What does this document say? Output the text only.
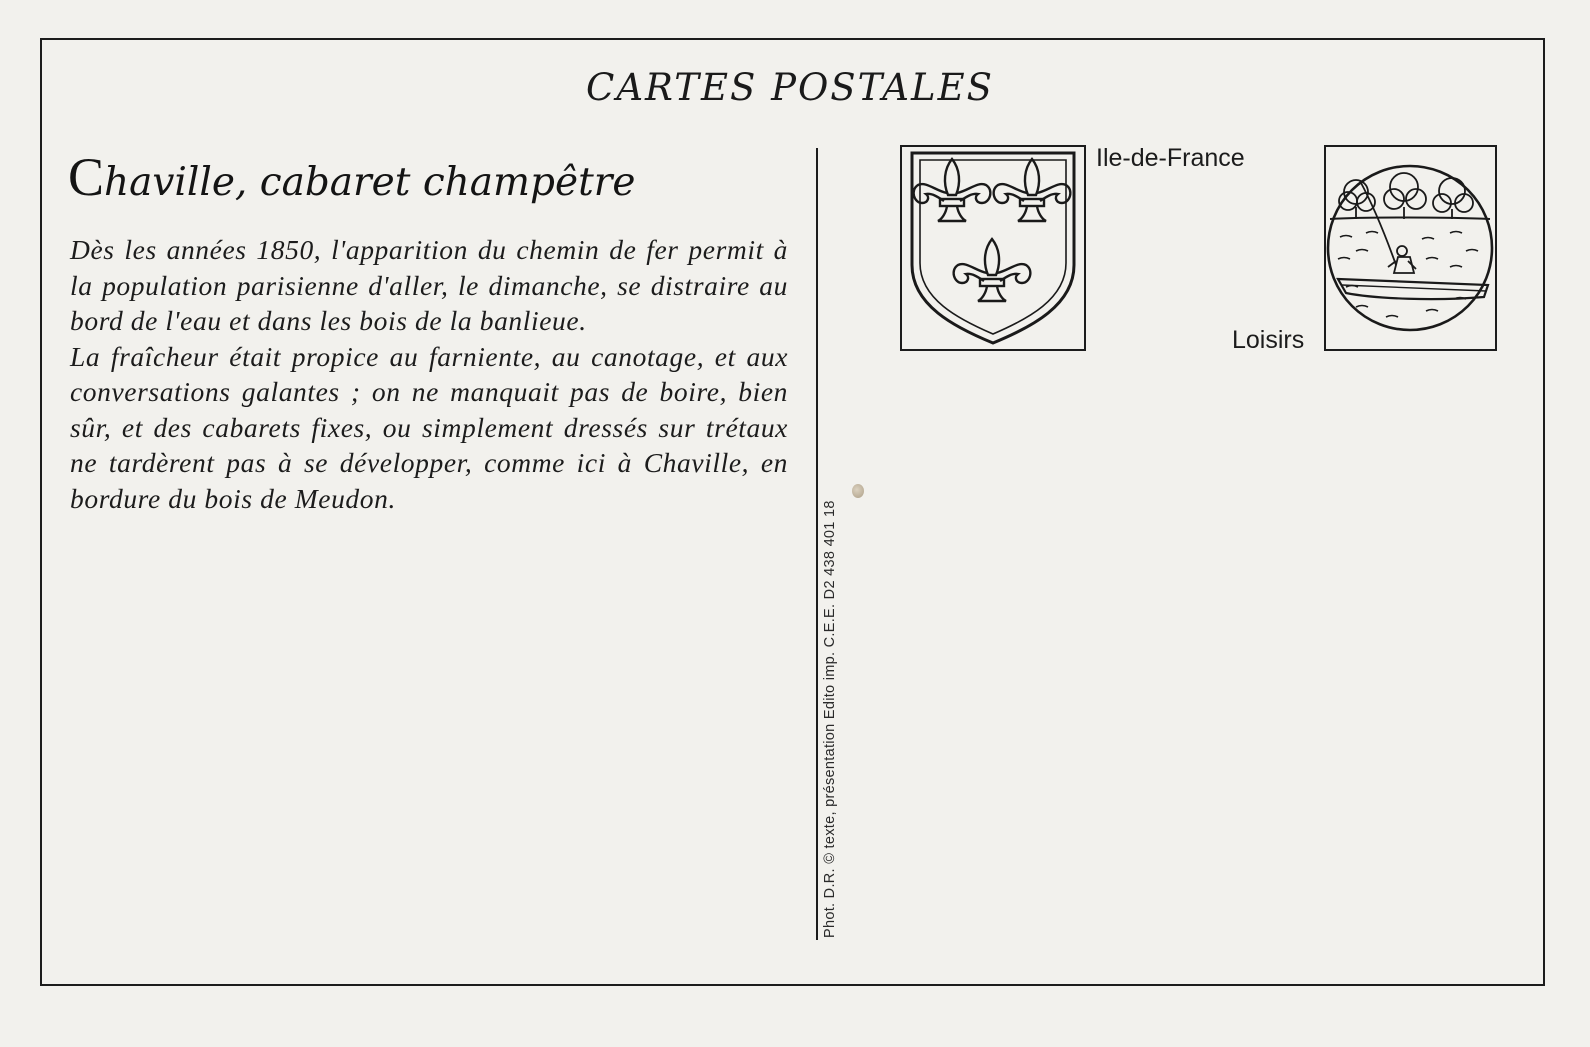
CARTES POSTALES
Chaville, cabaret champêtre

Dès les années 1850, l'apparition du chemin de fer permit à la population parisienne d'aller, le dimanche, se distraire au bord de l'eau et dans les bois de la banlieue.

La fraîcheur était propice au farniente, au canotage, et aux conversations galantes ; on ne manquait pas de boire, bien sûr, et des cabarets fixes, ou simplement dressés sur trétaux ne tardèrent pas à se développer, comme ici à Chaville, en bordure du bois de Meudon.

Phot. D.R. © texte, présentation Edito imp. C.E.E. D2 438 401 18
Ile-de-France
Loisirs
